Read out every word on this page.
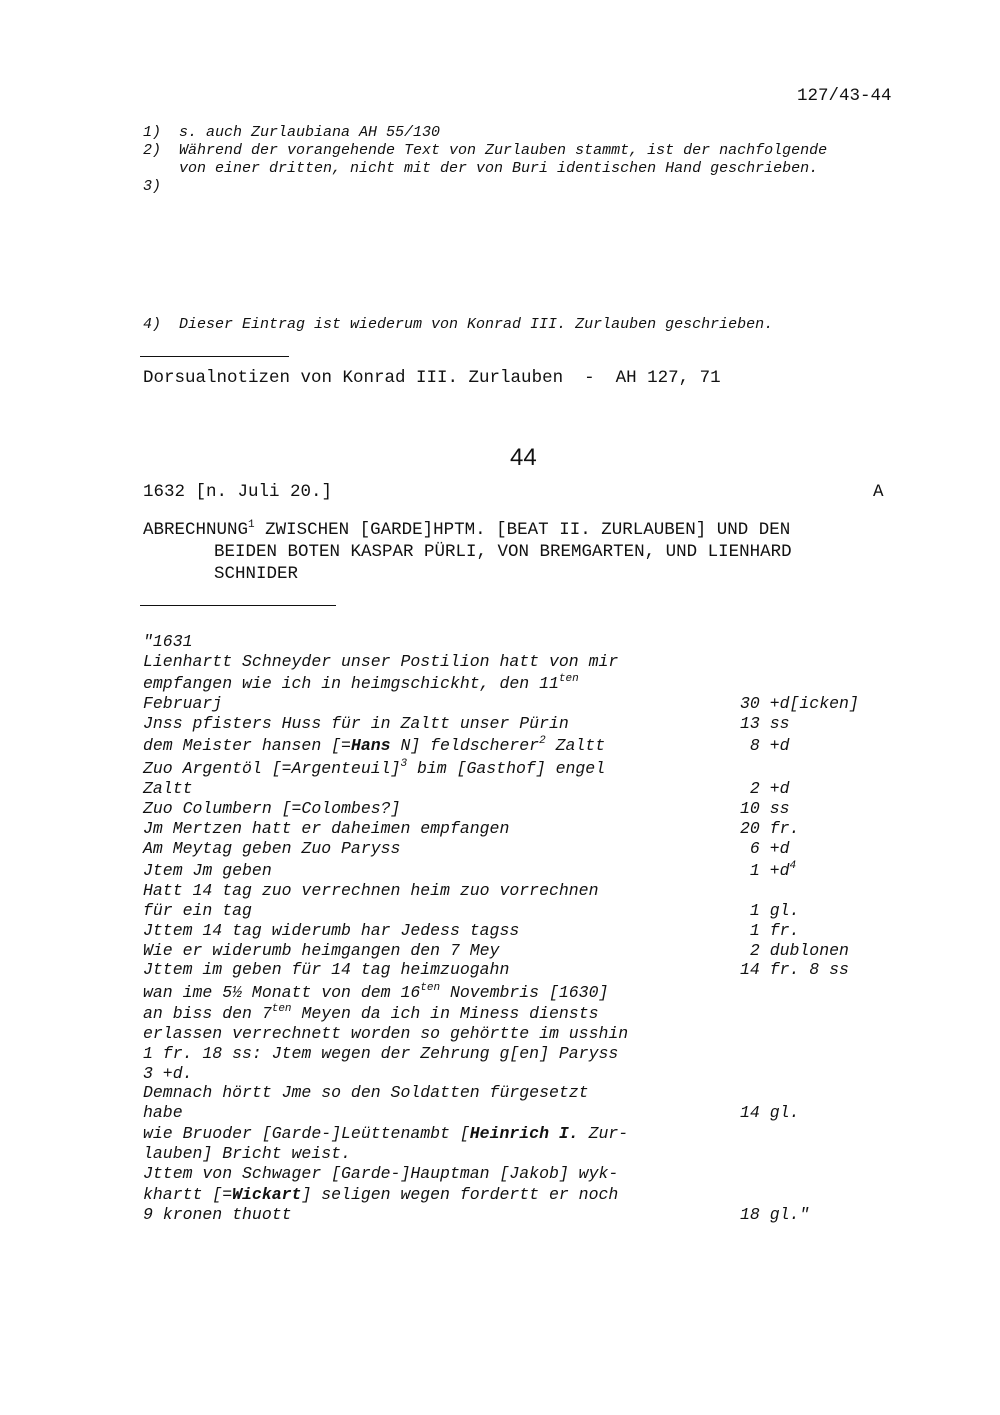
127/43-44
1) s. auch Zurlaubiana AH 55/130
2) Während der vorangehende Text von Zurlauben stammt, ist der nachfolgende
von einer dritten, nicht mit der von Buri identischen Hand geschrieben.
3)
4) Dieser Eintrag ist wiederum von Konrad III. Zurlauben geschrieben.
Dorsualnotizen von Konrad III. Zurlauben  -  AH 127, 71
44
1632 [n. Juli 20.]	A
ABRECHNUNG$^1$ ZWISCHEN [GARDE]HPTM. [BEAT II. ZURLAUBEN] UND DEN
BEIDEN BOTEN KASPAR PÜRLI, VON BREMGARTEN, UND LIENHARD
SCHNIDER
"1631
Lienhartt Schneyder unser Postilion hatt von mir
empfangen wie ich in heimgschickht, den $11^{ten}$
Februarj	30 +d[icken]
Jnss pfisters Huss für in Zaltt unser Pürin	13 ss
dem Meister hansen [=Hans N] feldscherer$^2$ Zaltt	8 +d
Zuo Argentöl [=Argenteuil]$^3$ bim [Gasthof] engel
Zaltt	2 +d
Zuo Columbern [=Colombes?]	10 ss
Jm Mertzen hatt er daheimen empfangen	20 fr.
Am Meytag geben Zuo Paryss	6 +d
Jtem Jm geben	$1 +d^4$
Hatt 14 tag zuo verrechnen heim zuo vorrechnen
für ein tag	1 gl.
Jttem 14 tag widerumb har Jedess tagss	1 fr.
Wie er widerumb heimgangen den 7 Mey	2 dublonen
Jttem im geben für 14 tag heimzuogahn	14 fr. 8 ss
wan ime 5½ Monatt von dem $16^{ten}$ Novembris [1630]
an biss den $7^{ten}$ Meyen da ich in Miness diensts
erlassen verrechnett worden so gehörtte im usshin
1 fr. 18 ss: Jtem wegen der Zehrung g[en] Paryss
3 +d.
Demnach hörtt Jme so den Soldatten fürgesetzt
habe	14 gl.
wie Bruoder [Garde-]Leüttenambt [Heinrich I. Zur-
lauben] Bricht weist.
Jttem von Schwager [Garde-]Hauptman [Jakob] wyk-
khartt [=Wickart] seligen wegen fordertt er noch
9 kronen thuott	18 gl."
